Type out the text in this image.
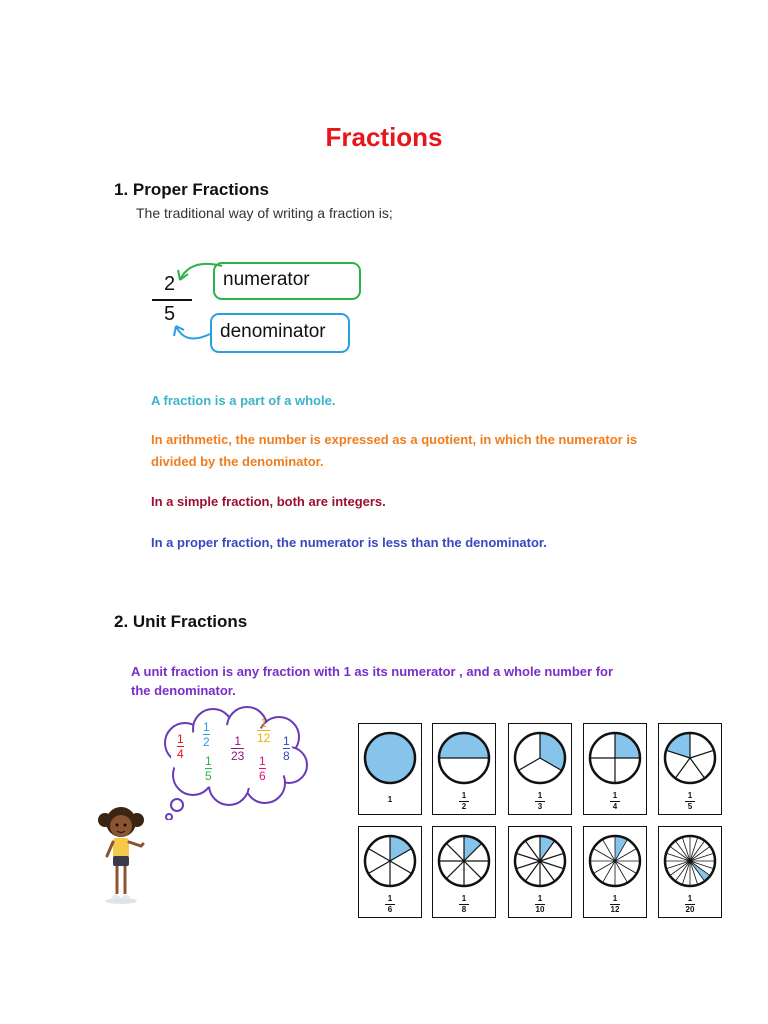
Fractions
1. Proper Fractions
The traditional way of writing a fraction is;
2
5
numerator
denominator
A fraction is a part of a whole.
In arithmetic, the number is expressed as a quotient, in which the numerator is
divided by the denominator.
In a simple fraction, both are integers.
In a proper fraction, the numerator is less than the denominator.
2. Unit Fractions
A unit fraction is any fraction with 1 as its numerator , and a whole number for
the denominator.
1
4
1
2
1
5
1
23
1
12
1
6
1
8
1	1
2
1
3
1
4
1
5
1
6
1
8
1
10
1
12
1
20
